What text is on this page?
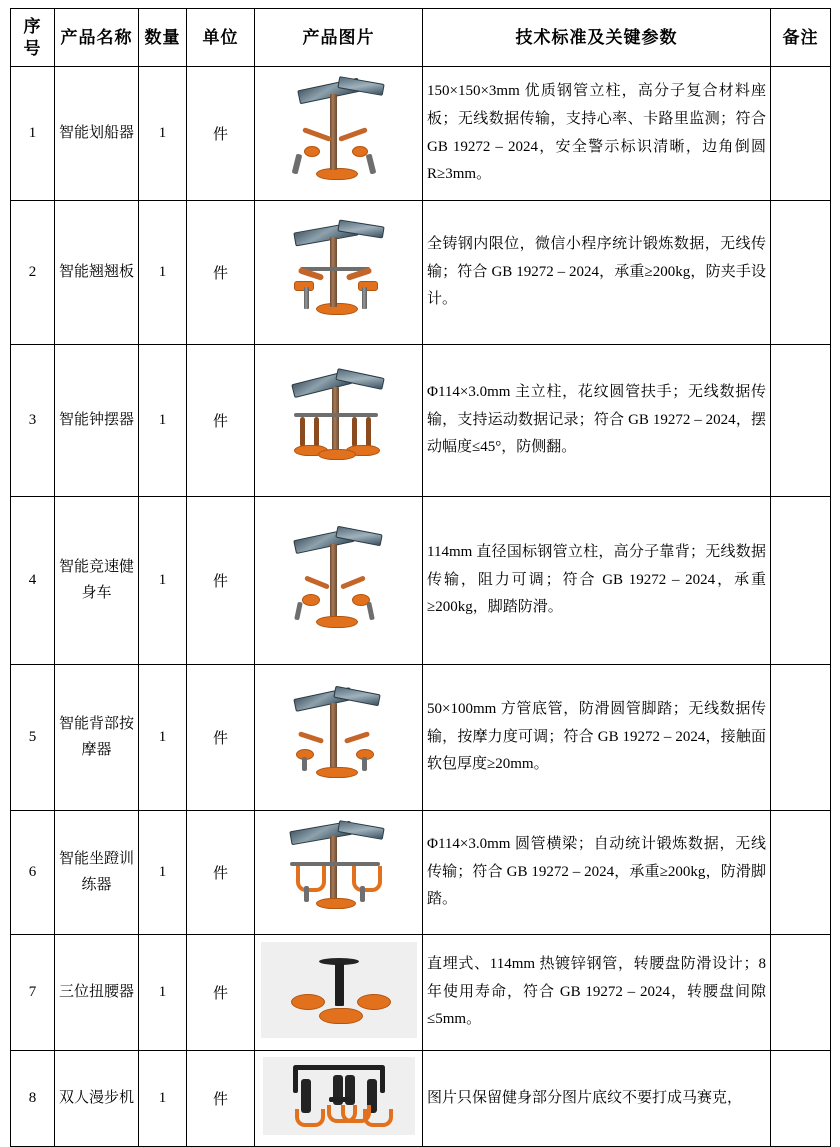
序号	产品名称	数量	单位	产品图片	技术标准及关键参数	备注
1	智能划船器	1	件		150×150×3mm 优质钢管立柱，高分子复合材料座板；无线数据传输，支持心率、卡路里监测；符合 GB 19272 – 2024，安全警示标识清晰，边角倒圆 R≥3mm。	
2	智能翘翘板	1	件		全铸钢内限位，微信小程序统计锻炼数据，无线传输；符合 GB 19272 – 2024，承重≥200kg，防夹手设计。	
3	智能钟摆器	1	件		Φ114×3.0mm 主立柱，花纹圆管扶手；无线数据传输，支持运动数据记录；符合 GB 19272 – 2024，摆动幅度≤45°，防侧翻。	
4	智能竞速健身车	1	件		114mm 直径国标钢管立柱，高分子靠背；无线数据传输，阻力可调；符合 GB 19272 – 2024，承重≥200kg，脚踏防滑。	
5	智能背部按摩器	1	件		50×100mm 方管底管，防滑圆管脚踏；无线数据传输，按摩力度可调；符合 GB 19272 – 2024，接触面软包厚度≥20mm。	
6	智能坐蹬训练器	1	件		Φ114×3.0mm 圆管横梁；自动统计锻炼数据，无线传输；符合 GB 19272 – 2024，承重≥200kg，防滑脚踏。	
7	三位扭腰器	1	件		直埋式、114mm 热镀锌钢管，转腰盘防滑设计；8 年使用寿命，符合 GB 19272 – 2024，转腰盘间隙≤5mm。	
8	双人漫步机	1	件		图片只保留健身部分图片底纹不要打成马赛克，	
